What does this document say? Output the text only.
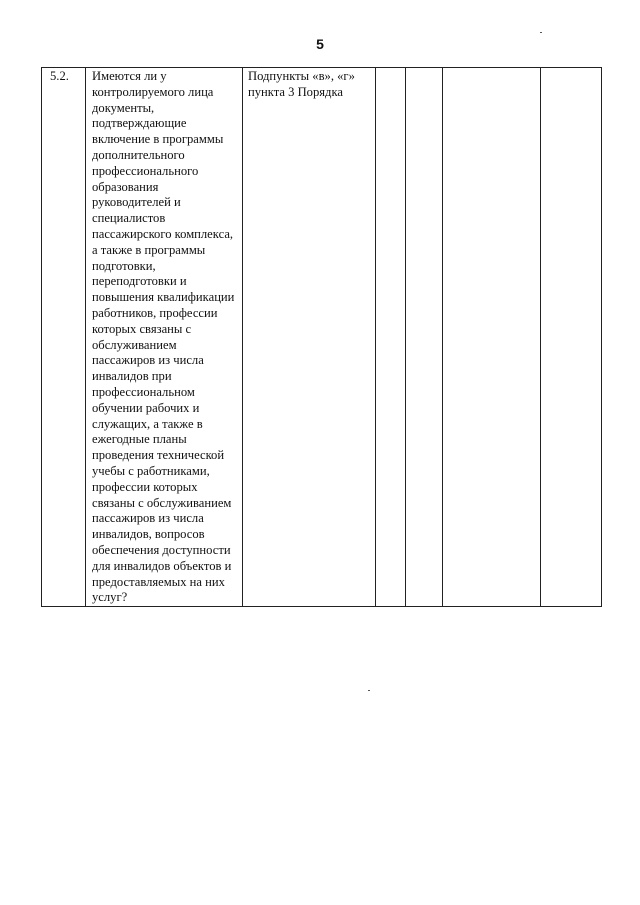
5
5.2.	Имеются ли у контролируемого лица документы, подтверждающие включение в программы дополнительного профессионального образования руководителей и специалистов пассажирского комплекса, а также в программы подготовки, переподготовки и повышения квалификации работников, профессии которых связаны с обслуживанием пассажиров из числа инвалидов при профессиональном обучении рабочих и служащих, а также в ежегодные планы проведения технической учебы с работниками, профессии которых связаны с обслуживанием пассажиров из числа инвалидов, вопросов обеспечения доступности для инвалидов объектов и предоставляемых на них услуг?	Подпункты «в», «г» пункта 3 Порядка				
